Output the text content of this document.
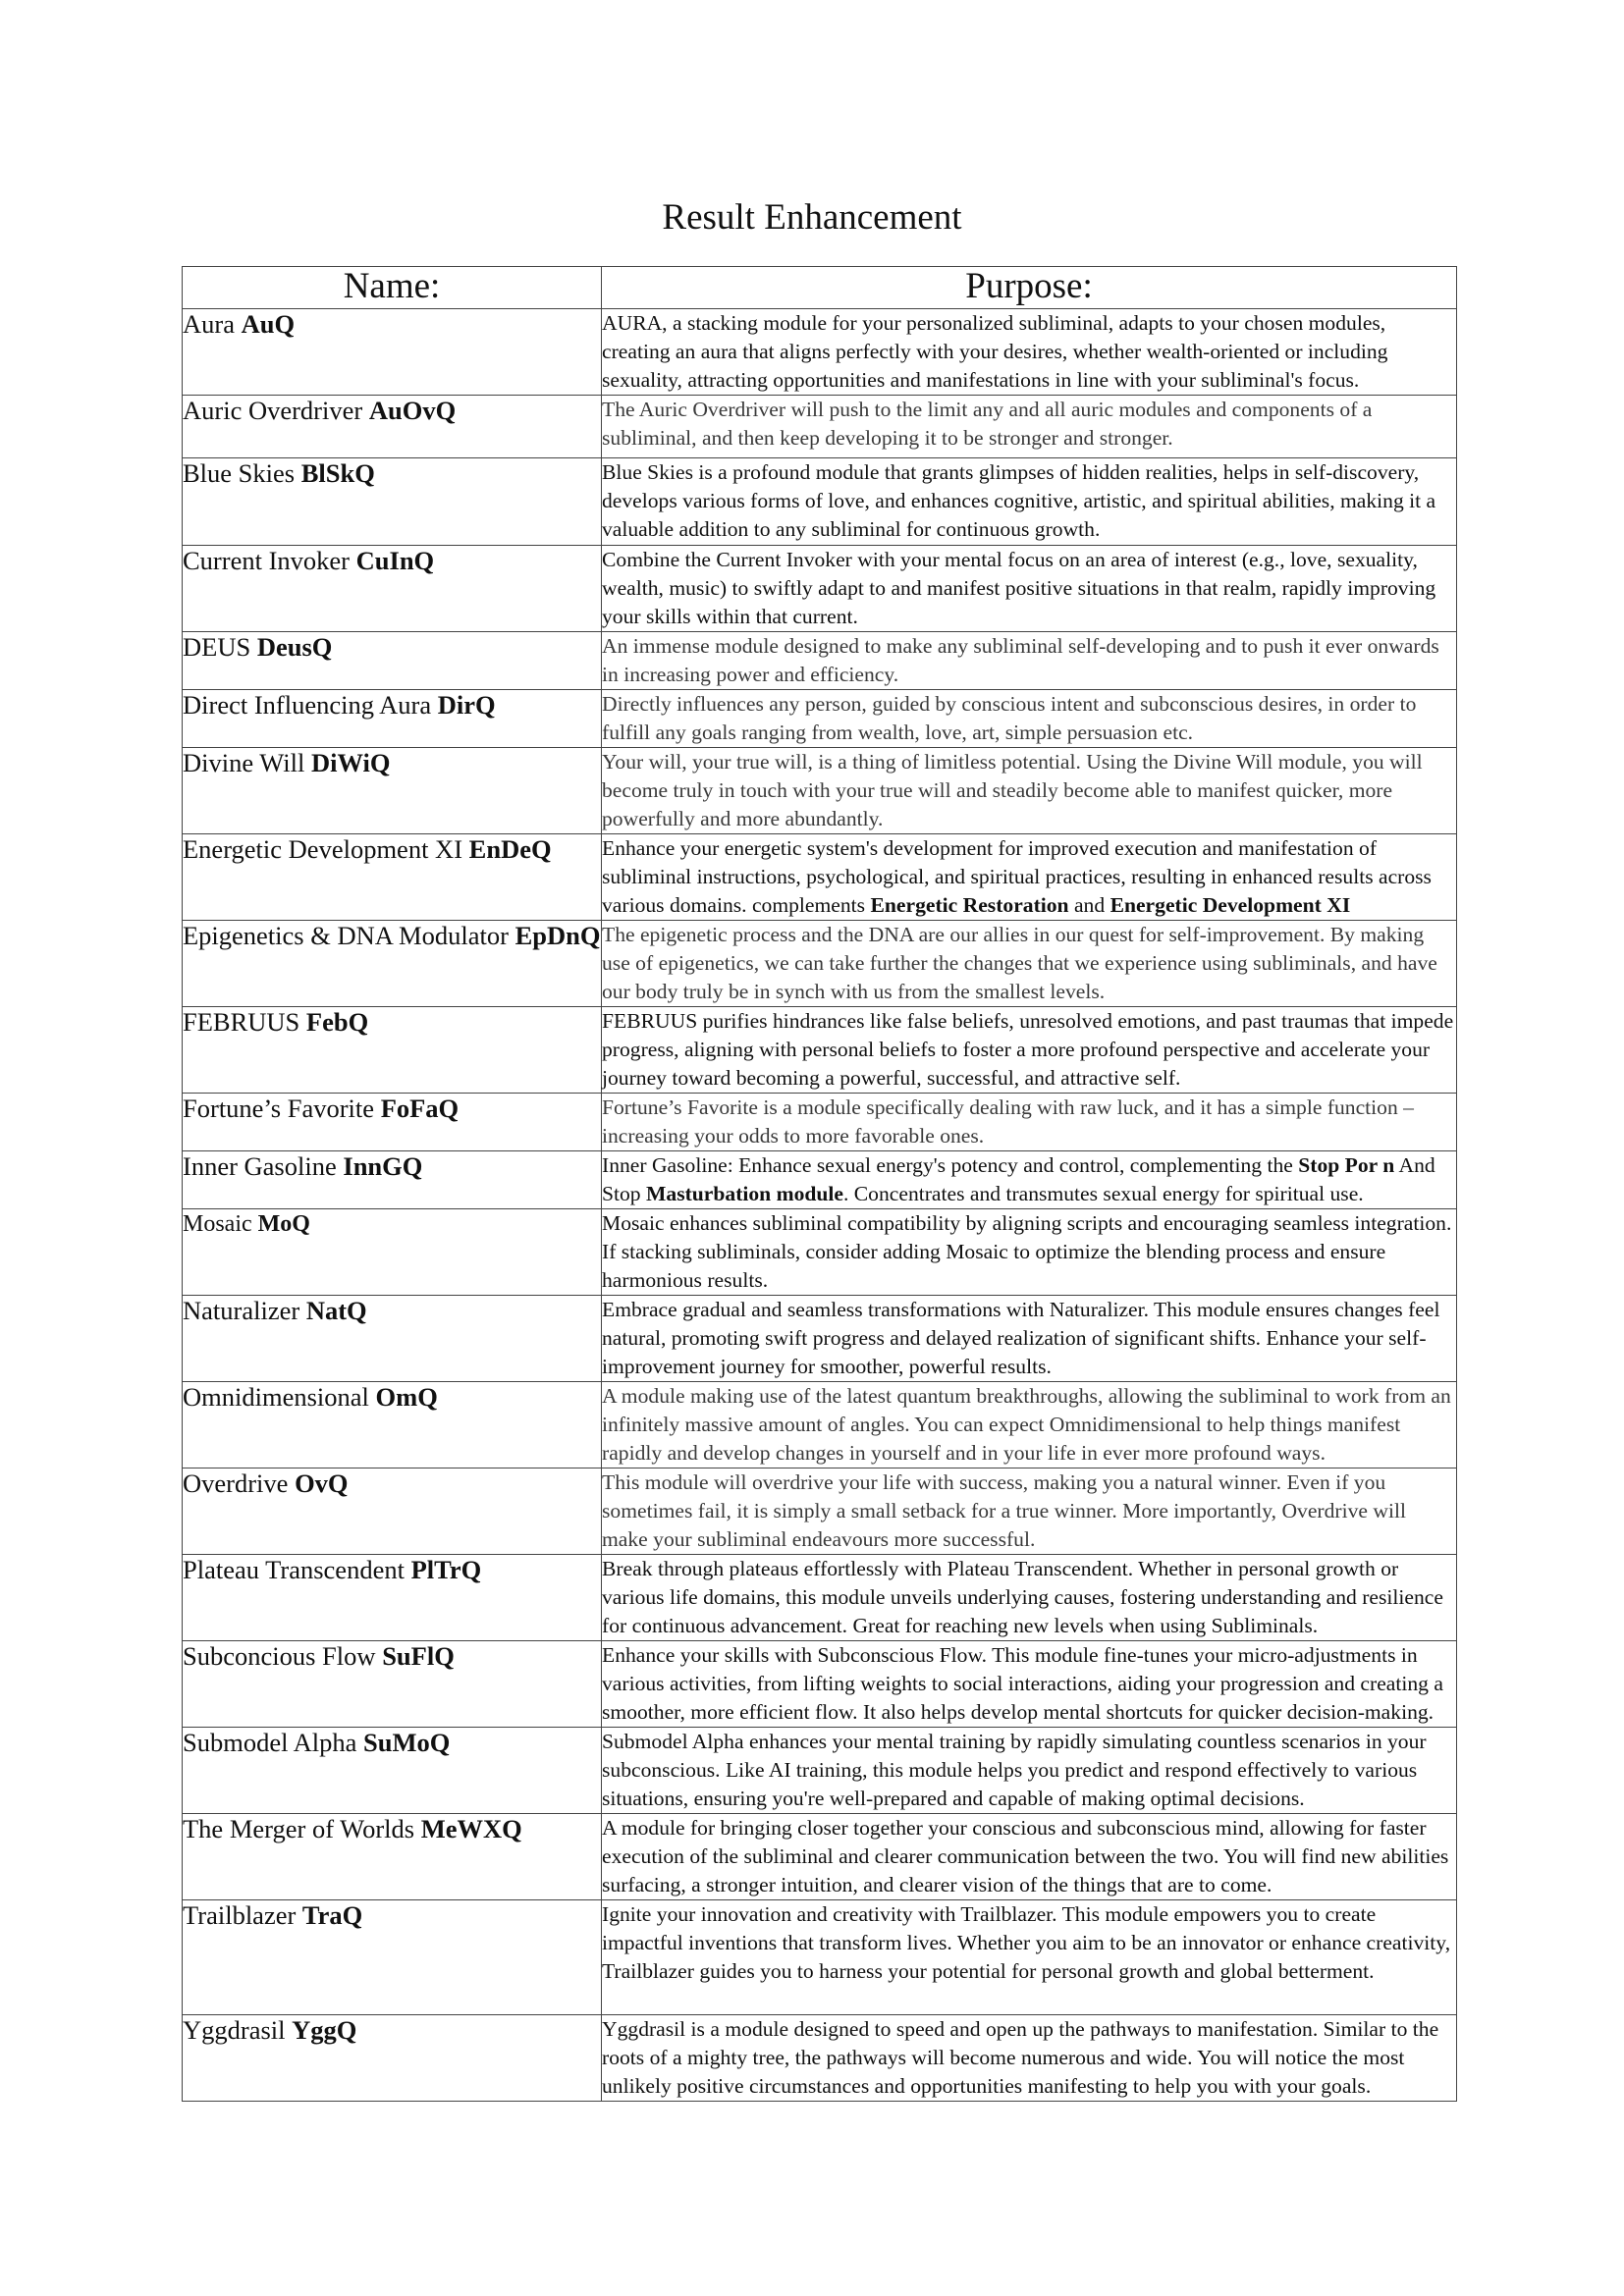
Result Enhancement
Name:	Purpose:
Aura AuQ	AURA, a stacking module for your personalized subliminal, adapts to your chosen modules, creating an aura that aligns perfectly with your desires, whether wealth-oriented or including sexuality, attracting opportunities and manifestations in line with your subliminal's focus.
Auric Overdriver AuOvQ	The Auric Overdriver will push to the limit any and all auric modules and components of a subliminal, and then keep developing it to be stronger and stronger.
Blue Skies BlSkQ	Blue Skies is a profound module that grants glimpses of hidden realities, helps in self-discovery, develops various forms of love, and enhances cognitive, artistic, and spiritual abilities, making it a valuable addition to any subliminal for continuous growth.
Current Invoker CuInQ	Combine the Current Invoker with your mental focus on an area of interest (e.g., love, sexuality, wealth, music) to swiftly adapt to and manifest positive situations in that realm, rapidly improving your skills within that current.
DEUS DeusQ	An immense module designed to make any subliminal self-developing and to push it ever onwards in increasing power and efficiency.
Direct Influencing Aura DirQ	Directly influences any person, guided by conscious intent and subconscious desires, in order to fulfill any goals ranging from wealth, love, art, simple persuasion etc.
Divine Will DiWiQ	Your will, your true will, is a thing of limitless potential. Using the Divine Will module, you will become truly in touch with your true will and steadily become able to manifest quicker, more powerfully and more abundantly.
Energetic Development XI EnDeQ	Enhance your energetic system's development for improved execution and manifestation of subliminal instructions, psychological, and spiritual practices, resulting in enhanced results across various domains. complements Energetic Restoration and Energetic Development XI
Epigenetics & DNA Modulator EpDnQ	The epigenetic process and the DNA are our allies in our quest for self-improvement. By making use of epigenetics, we can take further the changes that we experience using subliminals, and have our body truly be in synch with us from the smallest levels.
FEBRUUS FebQ	FEBRUUS purifies hindrances like false beliefs, unresolved emotions, and past traumas that impede progress, aligning with personal beliefs to foster a more profound perspective and accelerate your journey toward becoming a powerful, successful, and attractive self.
Fortune’s Favorite FoFaQ	Fortune’s Favorite is a module specifically dealing with raw luck, and it has a simple function – increasing your odds to more favorable ones.
Inner Gasoline InnGQ	Inner Gasoline: Enhance sexual energy's potency and control, complementing the Stop Por n And Stop Masturbation module. Concentrates and transmutes sexual energy for spiritual use.
Mosaic MoQ	Mosaic enhances subliminal compatibility by aligning scripts and encouraging seamless integration. If stacking subliminals, consider adding Mosaic to optimize the blending process and ensure harmonious results.
Naturalizer NatQ	Embrace gradual and seamless transformations with Naturalizer. This module ensures changes feel natural, promoting swift progress and delayed realization of significant shifts. Enhance your self-improvement journey for smoother, powerful results.
Omnidimensional OmQ	A module making use of the latest quantum breakthroughs, allowing the subliminal to work from an infinitely massive amount of angles. You can expect Omnidimensional to help things manifest rapidly and develop changes in yourself and in your life in ever more profound ways.
Overdrive OvQ	This module will overdrive your life with success, making you a natural winner. Even if you sometimes fail, it is simply a small setback for a true winner. More importantly, Overdrive will make your subliminal endeavours more successful.
Plateau Transcendent PlTrQ	Break through plateaus effortlessly with Plateau Transcendent. Whether in personal growth or various life domains, this module unveils underlying causes, fostering understanding and resilience for continuous advancement. Great for reaching new levels when using Subliminals.
Subconcious Flow SuFlQ	Enhance your skills with Subconscious Flow. This module fine-tunes your micro-adjustments in various activities, from lifting weights to social interactions, aiding your progression and creating a smoother, more efficient flow. It also helps develop mental shortcuts for quicker decision-making.
Submodel Alpha SuMoQ	Submodel Alpha enhances your mental training by rapidly simulating countless scenarios in your subconscious. Like AI training, this module helps you predict and respond effectively to various situations, ensuring you're well-prepared and capable of making optimal decisions.
The Merger of Worlds MeWXQ	A module for bringing closer together your conscious and subconscious mind, allowing for faster execution of the subliminal and clearer communication between the two. You will find new abilities surfacing, a stronger intuition, and clearer vision of the things that are to come.
Trailblazer TraQ	Ignite your innovation and creativity with Trailblazer. This module empowers you to create impactful inventions that transform lives. Whether you aim to be an innovator or enhance creativity, Trailblazer guides you to harness your potential for personal growth and global betterment.
Yggdrasil YggQ	Yggdrasil is a module designed to speed and open up the pathways to manifestation. Similar to the roots of a mighty tree, the pathways will become numerous and wide. You will notice the most unlikely positive circumstances and opportunities manifesting to help you with your goals.
